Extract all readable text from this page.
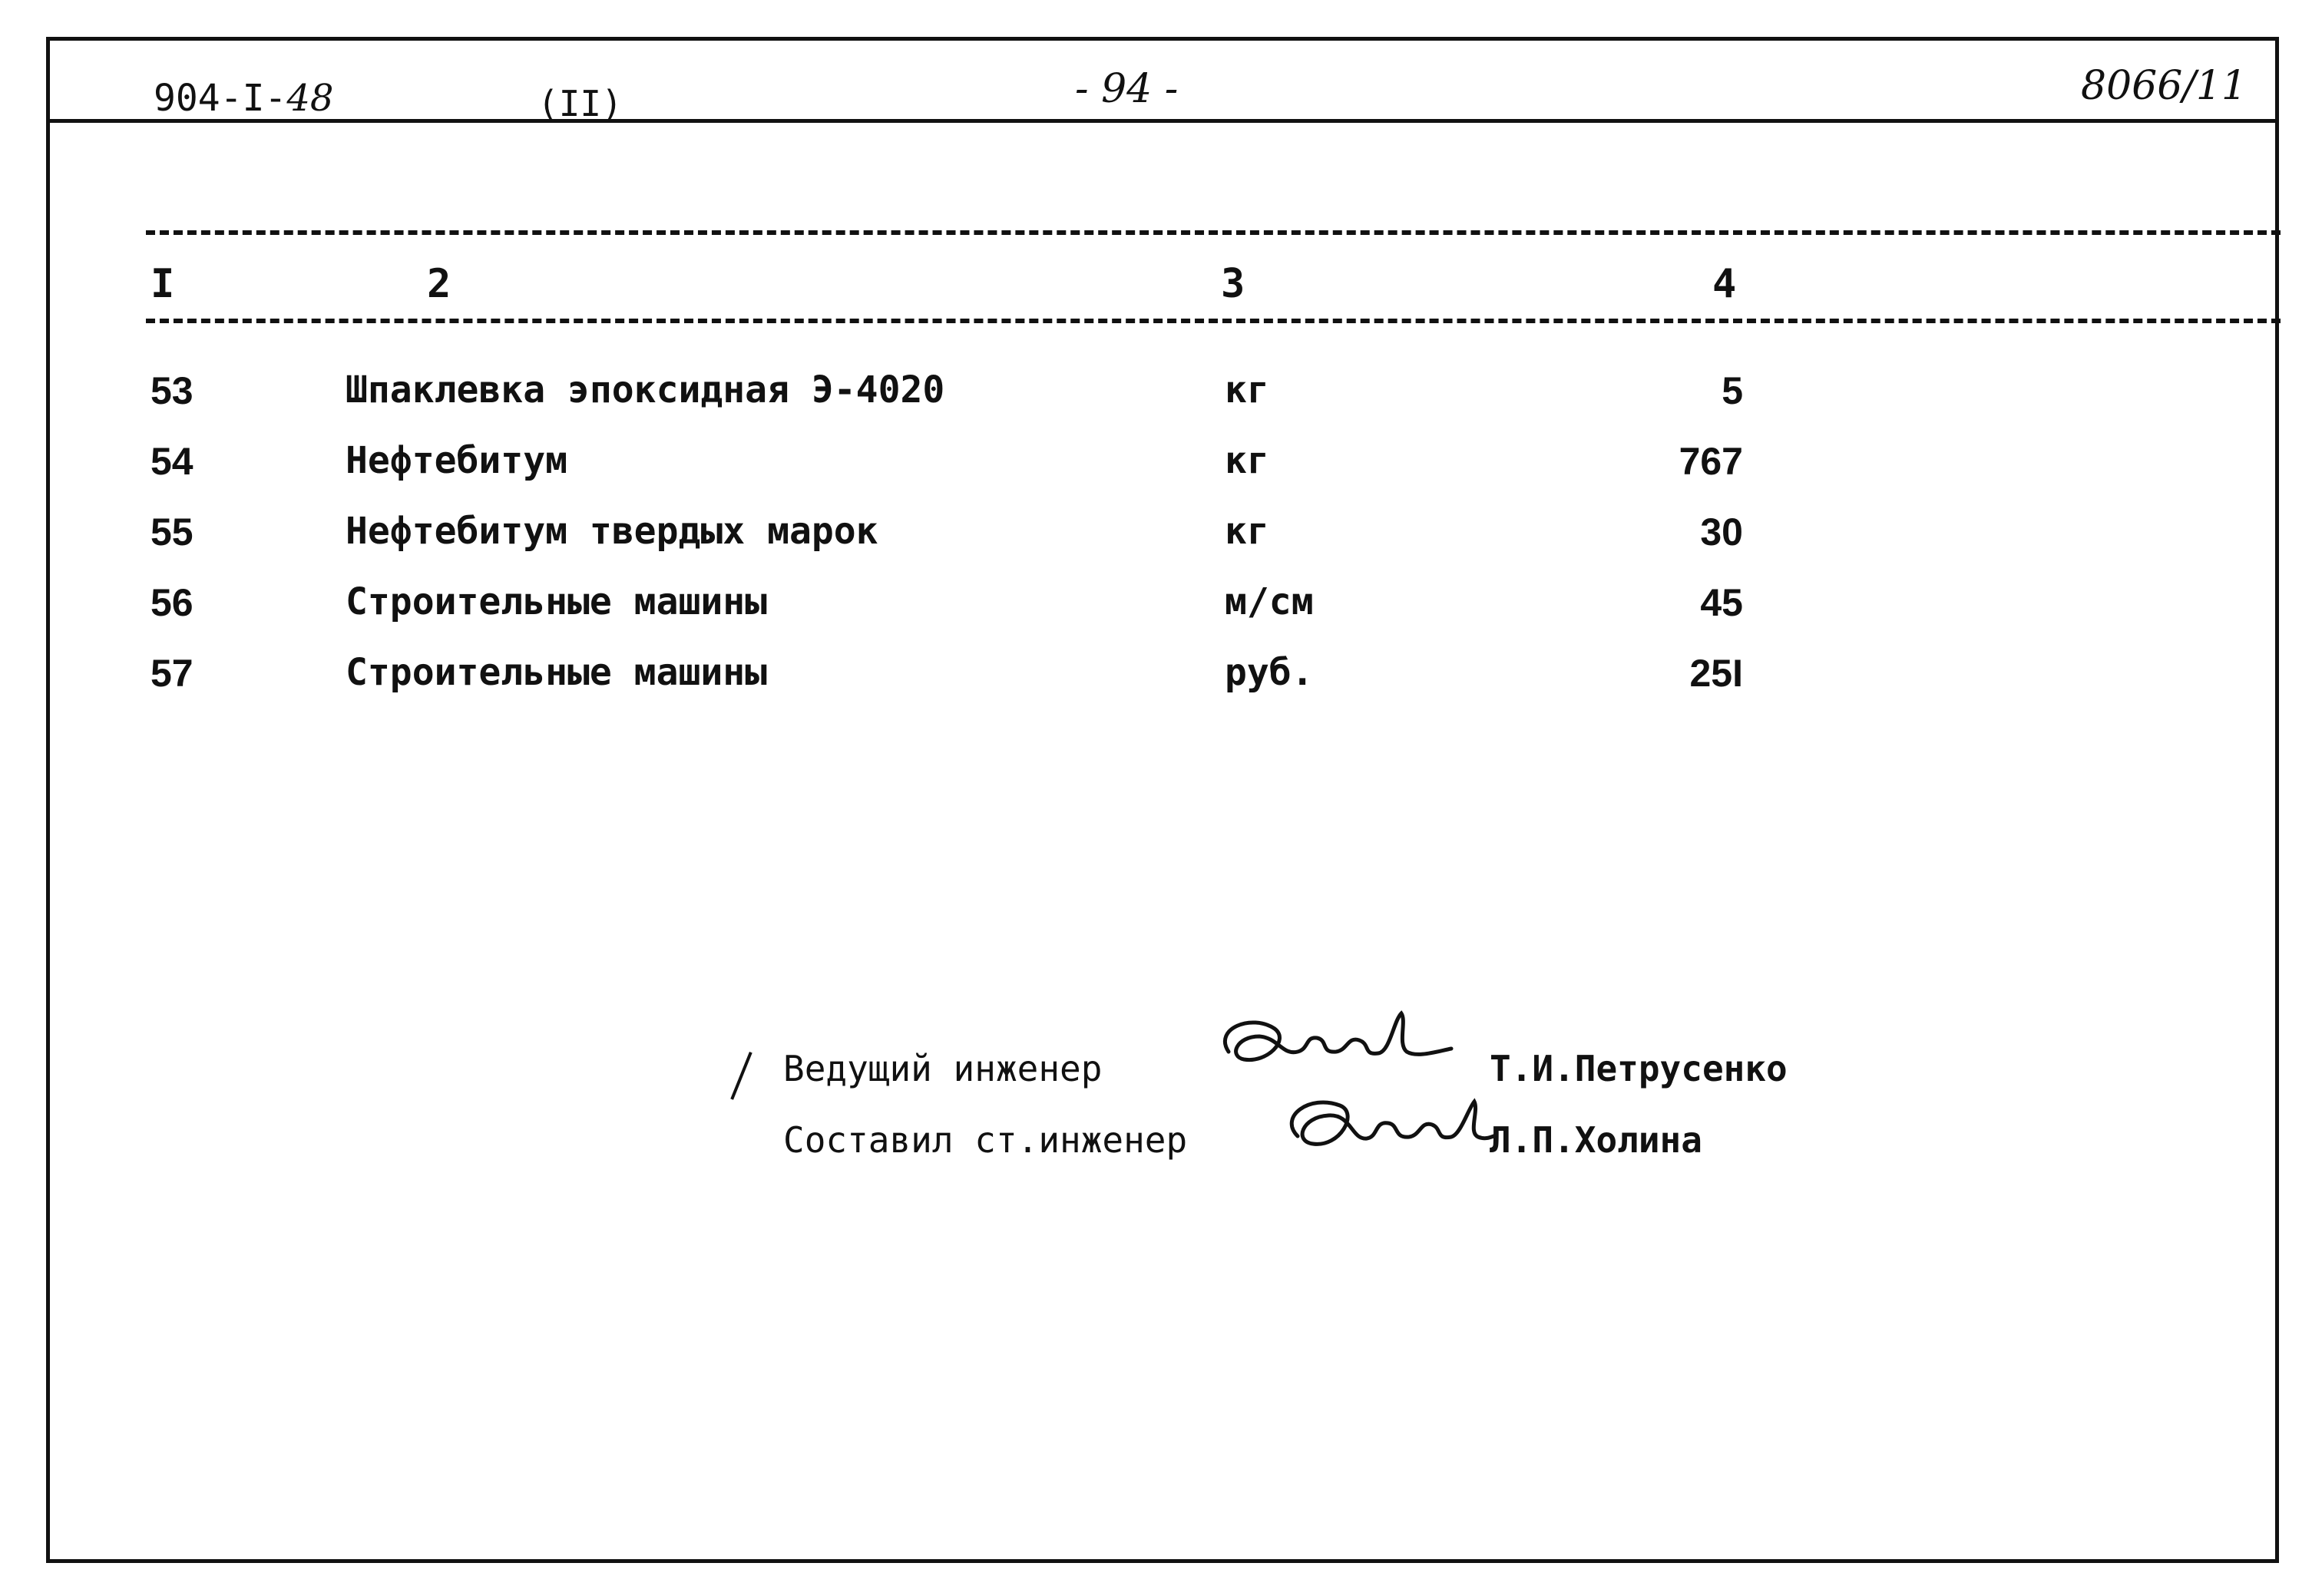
904-I-48	(II)	- 94 -	8066/11
I	2	3	4
53	Шпаклевка эпоксидная Э-4020	кг	5
54	Нефтебитум	кг	767
55	Нефтебитум твердых марок	кг	30
56	Строительные машины	м/см	45
57	Строительные машины	руб.	25I
Ведущий инженер	Т.И.Петрусенко
Составил ст.инженер	Л.П.Холина
